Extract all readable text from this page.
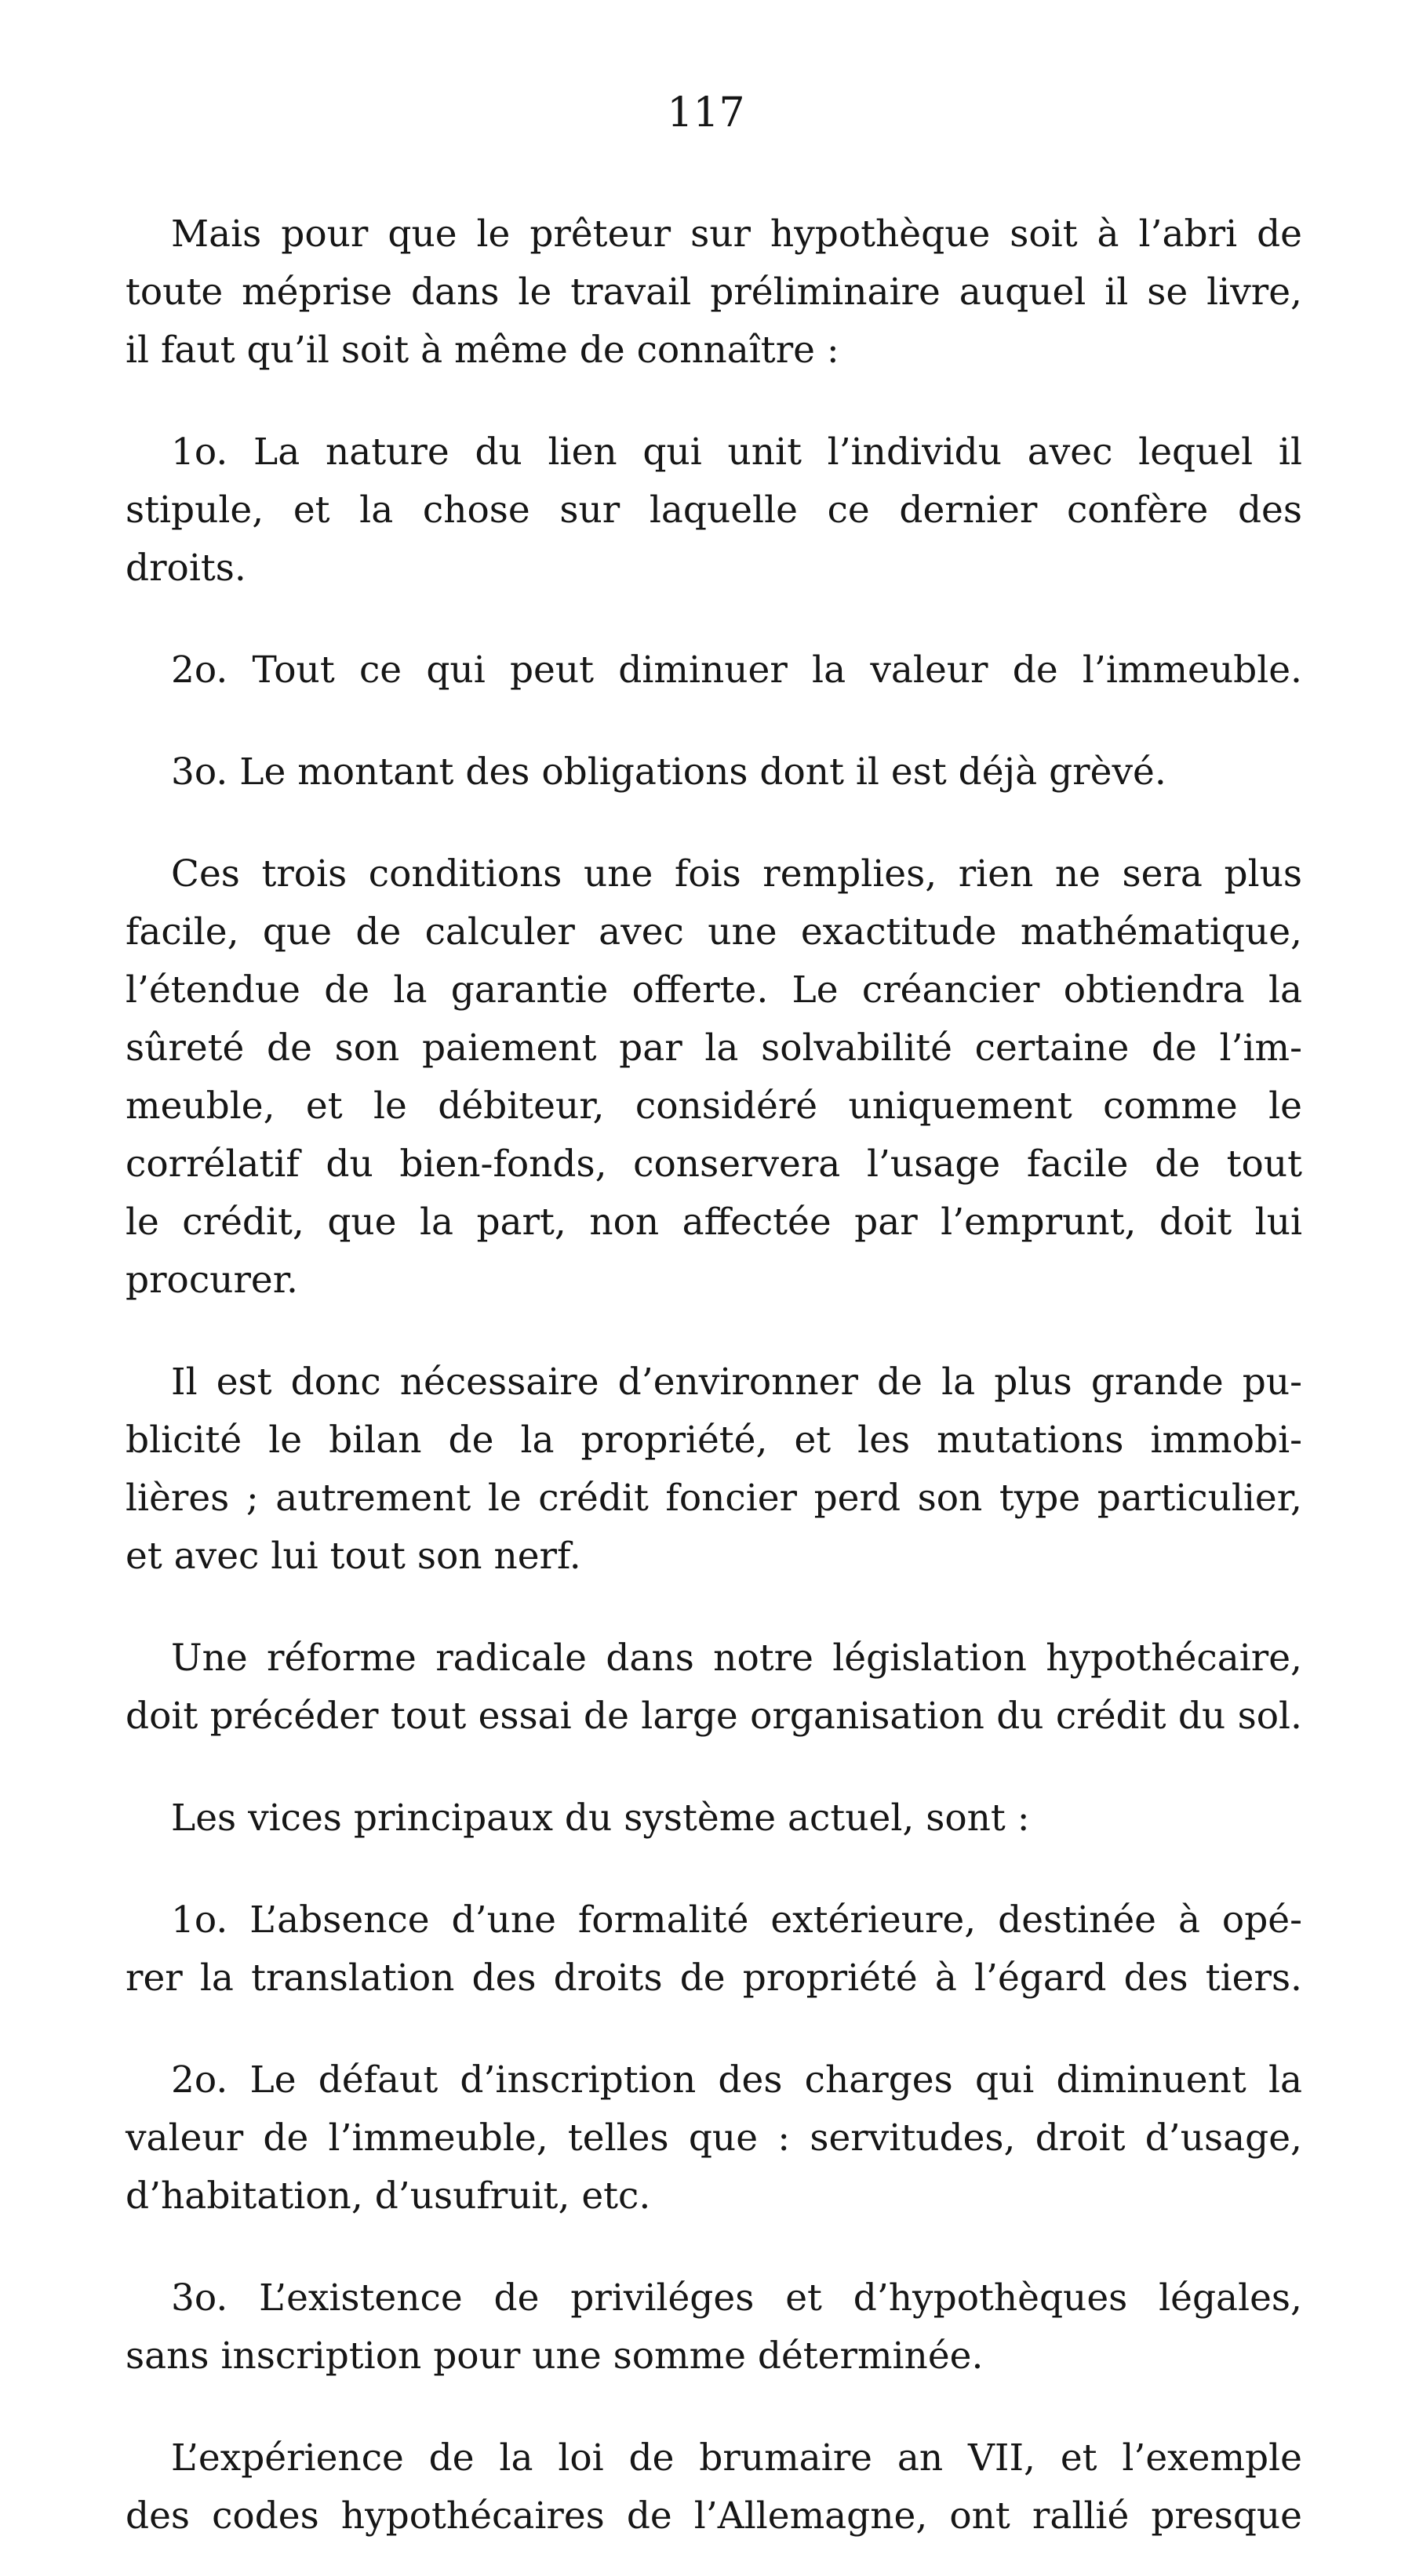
117

Mais pour que le prêteur sur hypothèque soit à l’abri de
toute méprise dans le travail préliminaire auquel il se livre,
il faut qu’il soit à même de connaître :

1o. La nature du lien qui unit l’individu avec lequel il
stipule, et la chose sur laquelle ce dernier confère des
droits.

2o. Tout ce qui peut diminuer la valeur de l’immeuble.

3o. Le montant des obligations dont il est déjà grèvé.

Ces trois conditions une fois remplies, rien ne sera plus
facile, que de calculer avec une exactitude mathématique,
l’étendue de la garantie offerte. Le créancier obtiendra la
sûreté de son paiement par la solvabilité certaine de l’im-
meuble, et le débiteur, considéré uniquement comme le
corrélatif du bien-fonds, conservera l’usage facile de tout
le crédit, que la part, non affectée par l’emprunt, doit lui
procurer.

Il est donc nécessaire d’environner de la plus grande pu-
blicité le bilan de la propriété, et les mutations immobi-
lières ; autrement le crédit foncier perd son type particulier,
et avec lui tout son nerf.

Une réforme radicale dans notre législation hypothécaire,
doit précéder tout essai de large organisation du crédit du sol.

Les vices principaux du système actuel, sont :

1o. L’absence d’une formalité extérieure, destinée à opé-
rer la translation des droits de propriété à l’égard des tiers.

2o. Le défaut d’inscription des charges qui diminuent la
valeur de l’immeuble, telles que : servitudes, droit d’usage,
d’habitation, d’usufruit, etc.

3o. L’existence de priviléges et d’hypothèques légales,
sans inscription pour une somme déterminée.

L’expérience de la loi de brumaire an VII, et l’exemple
des codes hypothécaires de l’Allemagne, ont rallié presque
